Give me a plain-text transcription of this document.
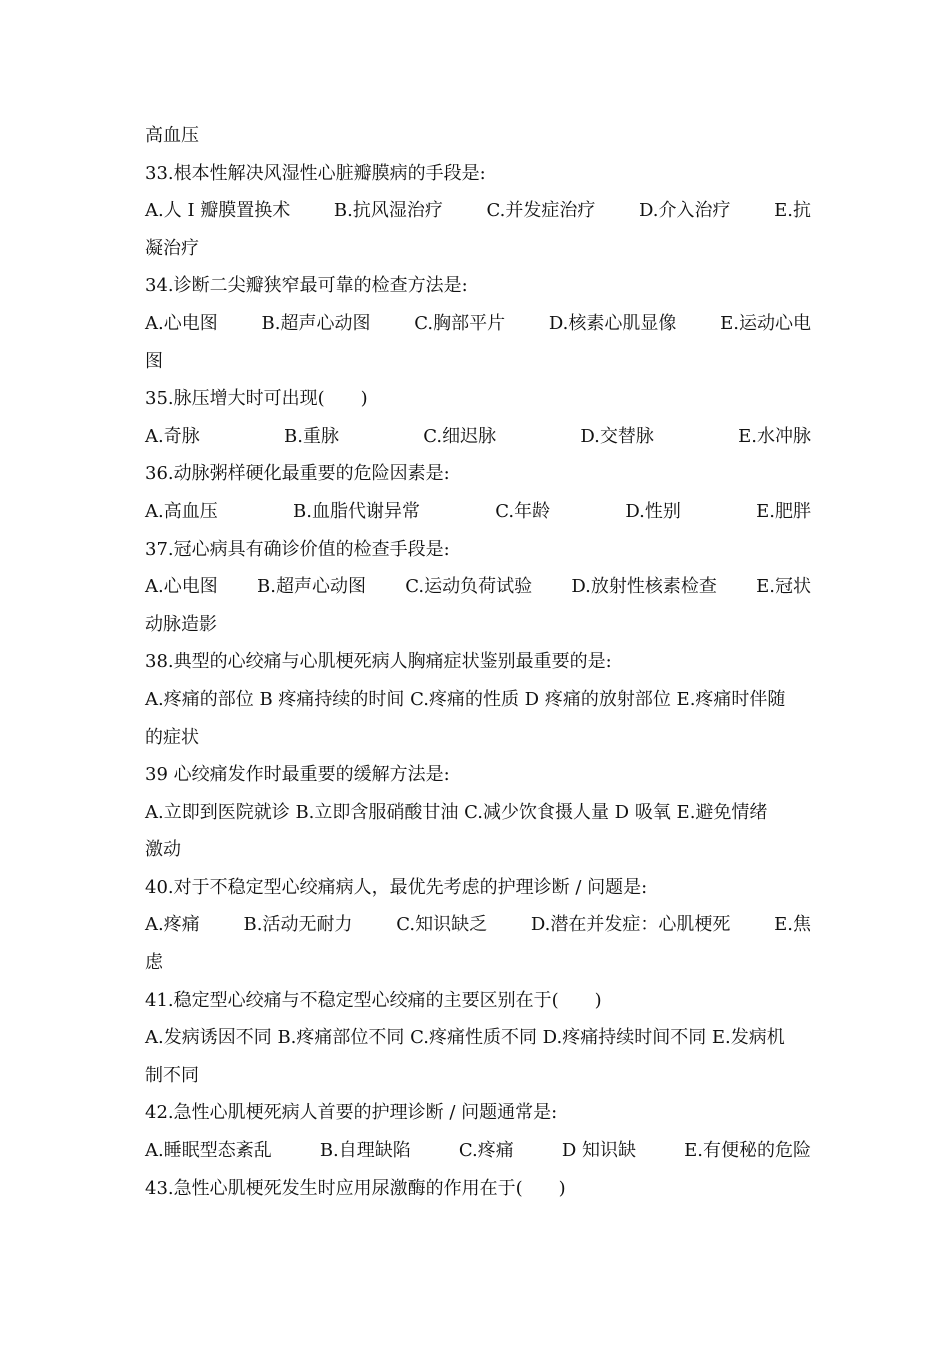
高血压
33.根本性解决风湿性心脏瓣膜病的手段是:
A.人 I 瓣膜置换术 B.抗风湿治疗 C.并发症治疗 D.介入治疗 E.抗
凝治疗
34.诊断二尖瓣狭窄最可靠的检查方法是:
A.心电图 B.超声心动图 C.胸部平片 D.核素心肌显像 E.运动心电
图
35.脉压增大时可出现(　　)
A.奇脉	B.重脉	C.细迟脉	D.交替脉	E.水冲脉
36.动脉粥样硬化最重要的危险因素是:
A.高血压	B.血脂代谢异常	C.年龄	D.性别	E.肥胖
37.冠心病具有确诊价值的检查手段是:
A.心电图 B.超声心动图 C.运动负荷试验 D.放射性核素检查 E.冠状
动脉造影
38.典型的心绞痛与心肌梗死病人胸痛症状鉴别最重要的是:
A.疼痛的部位 B 疼痛持续的时间 C.疼痛的性质 D 疼痛的放射部位 E.疼痛时伴随
的症状
39 心绞痛发作时最重要的缓解方法是:
A.立即到医院就诊 B.立即含服硝酸甘油 C.减少饮食摄人量 D 吸氧 E.避免情绪
激动
40.对于不稳定型心绞痛病人，最优先考虑的护理诊断 / 问题是:
A.疼痛 B.活动无耐力 C.知识缺乏 D.潜在并发症：心肌梗死 E.焦
虑
41.稳定型心绞痛与不稳定型心绞痛的主要区别在于(　　)
A.发病诱因不同 B.疼痛部位不同 C.疼痛性质不同 D.疼痛持续时间不同 E.发病机
制不同
42.急性心肌梗死病人首要的护理诊断 / 问题通常是:
A.睡眠型态紊乱	B.自理缺陷	C.疼痛	D 知识缺	E.有便秘的危险
43.急性心肌梗死发生时应用尿激酶的作用在于(　　)
